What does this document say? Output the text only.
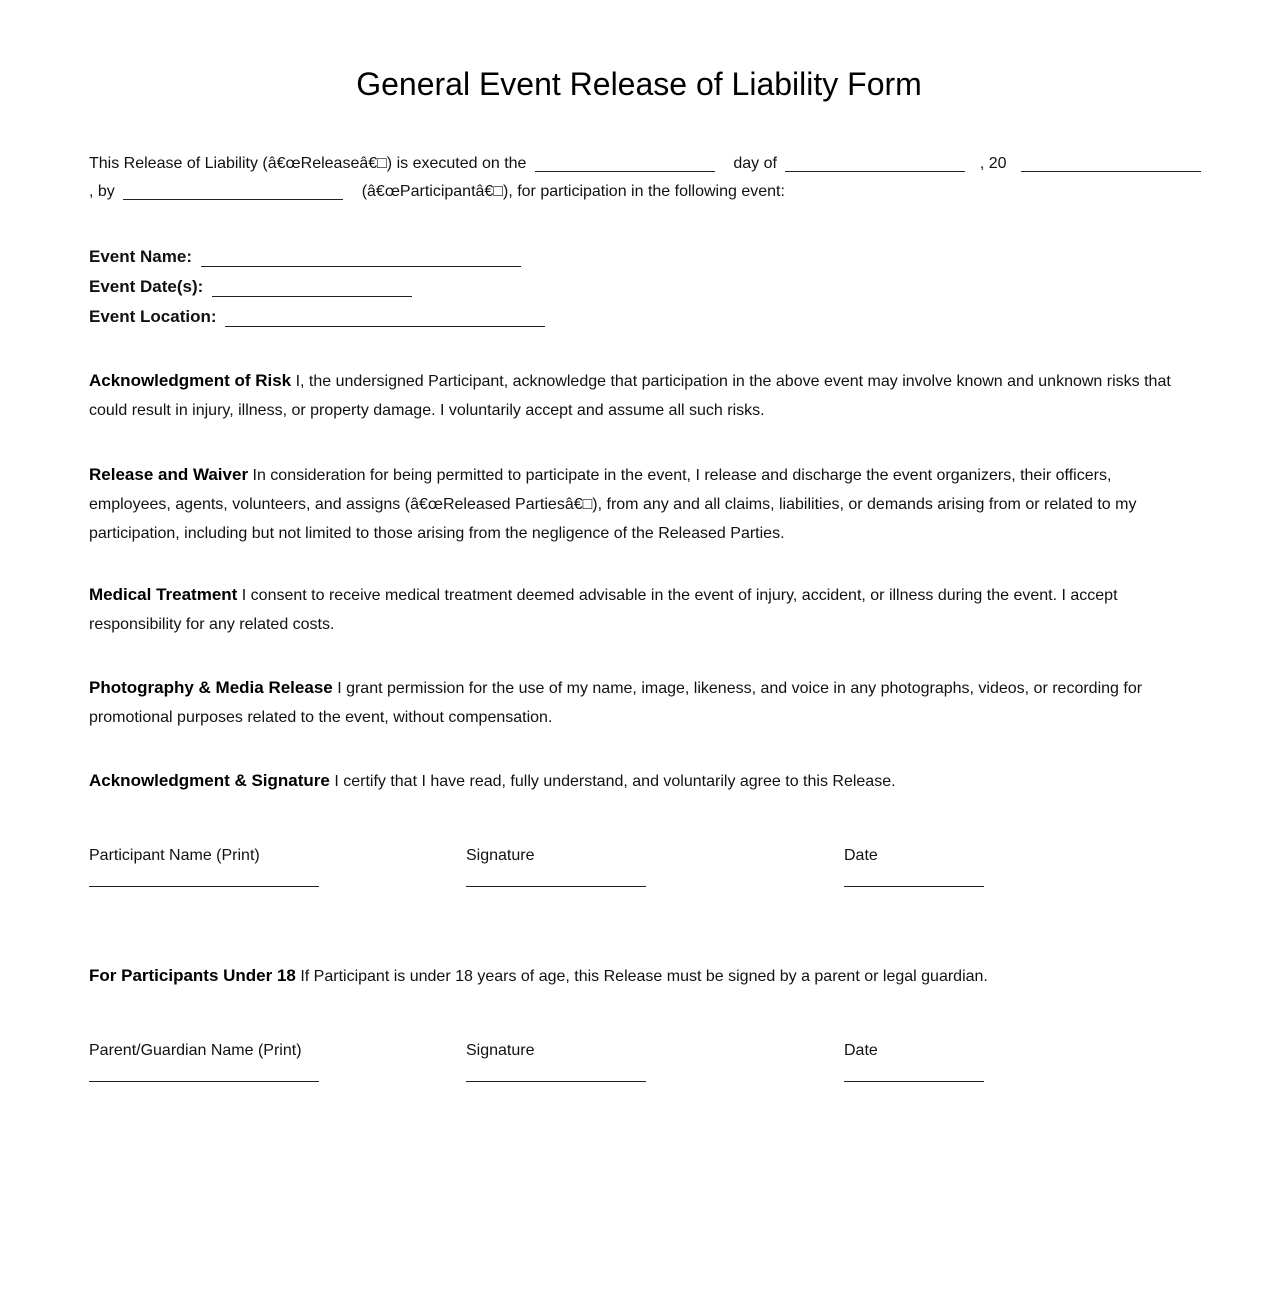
General Event Release of Liability Form
This Release of Liability (â€œReleaseâ€□) is executed on the	day of	, 20
, by	(â€œParticipantâ€□), for participation in the following event:
Event Name:
Event Date(s):
Event Location:
Acknowledgment of Risk I, the undersigned Participant, acknowledge that participation in the above event may involve known and unknown risks that could result in injury, illness, or property damage. I voluntarily accept and assume all such risks.
Release and Waiver In consideration for being permitted to participate in the event, I release and discharge the event organizers, their officers, employees, agents, volunteers, and assigns (â€œReleased Partiesâ€□), from any and all claims, liabilities, or demands arising from or related to my participation, including but not limited to those arising from the negligence of the Released Parties.
Medical Treatment I consent to receive medical treatment deemed advisable in the event of injury, accident, or illness during the event. I accept responsibility for any related costs.
Photography & Media Release I grant permission for the use of my name, image, likeness, and voice in any photographs, videos, or recording for promotional purposes related to the event, without compensation.
Acknowledgment & Signature I certify that I have read, fully understand, and voluntarily agree to this Release.
Participant Name (Print)	Signature	Date
For Participants Under 18 If Participant is under 18 years of age, this Release must be signed by a parent or legal guardian.
Parent/Guardian Name (Print)	Signature	Date
